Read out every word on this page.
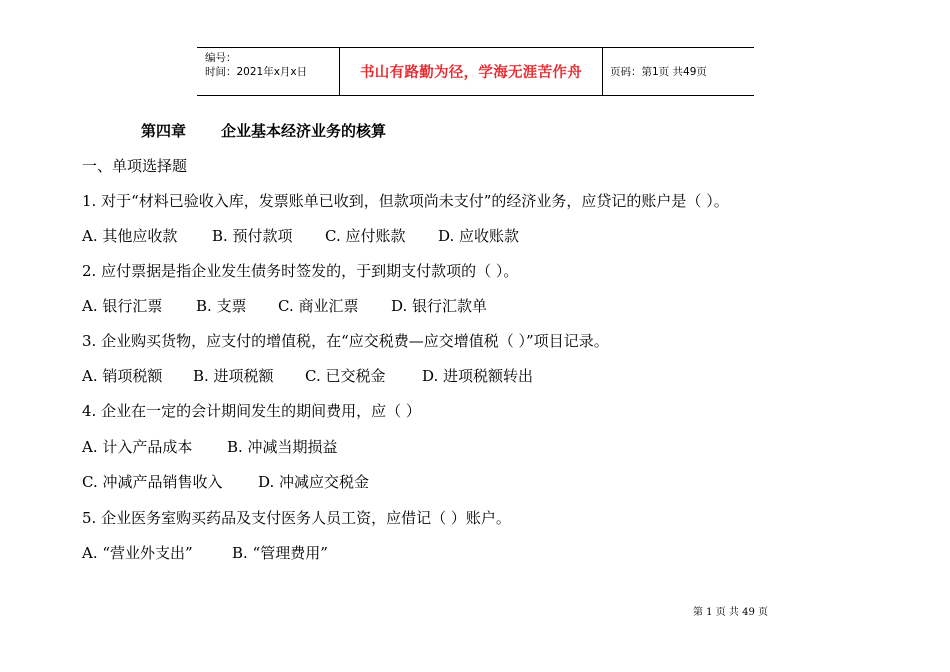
编号：
时间：2021年x月x日	书山有路勤为径，学海无涯苦作舟	页码：第1页 共49页
第四章 企业基本经济业务的核算
一、单项选择题
1. 对于“材料已验收入库，发票账单已收到，但款项尚未支付”的经济业务，应贷记的账户是（ ）。
A. 其他应收款 B. 预付款项 C. 应付账款 D. 应收账款
2. 应付票据是指企业发生债务时签发的，于到期支付款项的（ ）。
A. 银行汇票 B. 支票 C. 商业汇票 D. 银行汇款单
3. 企业购买货物，应支付的增值税，在“应交税费—应交增值税（ ）”项目记录。
A. 销项税额 B. 进项税额 C. 已交税金 D. 进项税额转出
4. 企业在一定的会计期间发生的期间费用，应（ ）
A. 计入产品成本 B. 冲减当期损益
C. 冲减产品销售收入 D. 冲减应交税金
5. 企业医务室购买药品及支付医务人员工资，应借记（ ）账户。
A. “营业外支出”	B. “管理费用”
第 1 页 共 49 页
